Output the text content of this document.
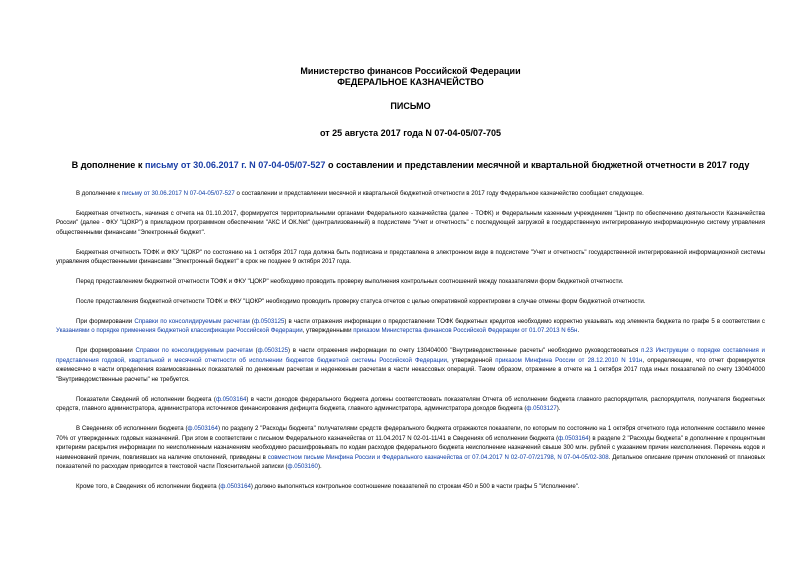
Министерство финансов Российской Федерации
ФЕДЕРАЛЬНОЕ КАЗНАЧЕЙСТВО
ПИСЬМО
от 25 августа 2017 года N 07-04-05/07-705
В дополнение к письму от 30.06.2017 г. N 07-04-05/07-527 о составлении и представлении месячной и квартальной бюджетной отчетности в 2017 году

В дополнение к письму от 30.06.2017 N 07-04-05/07-527 о составлении и представлении месячной и квартальной бюджетной отчетности в 2017 году Федеральное казначейство сообщает следующее.

Бюджетная отчетность, начиная с отчета на 01.10.2017, формируется территориальными органами Федерального казначейства (далее - ТОФК) и Федеральным казенным учреждением "Центр по обеспечению деятельности Казначейства России" (далее - ФКУ "ЦОКР") в прикладном программном обеспечении "АКС И ОК.Net" (централизованный) в подсистеме "Учет и отчетность" с последующей загрузкой в государственную интегрированную информационную систему управления общественными финансами "Электронный бюджет".

Бюджетная отчетность ТОФК и ФКУ "ЦОКР" по состоянию на 1 октября 2017 года должна быть подписана и представлена в электронном виде в подсистеме "Учет и отчетность" государственной интегрированной информационной системы управления общественными финансами "Электронный бюджет" в срок не позднее 9 октября 2017 года.

Перед представлением бюджетной отчетности ТОФК и ФКУ "ЦОКР" необходимо проводить проверку выполнения контрольных соотношений между показателями форм бюджетной отчетности.

После представления бюджетной отчетности ТОФК и ФКУ "ЦОКР" необходимо проводить проверку статуса отчетов с целью оперативной корректировки в случае отмены форм бюджетной отчетности.

При формировании Справки по консолидируемым расчетам (ф.0503125) в части отражения информации о предоставлении ТОФК бюджетных кредитов необходимо корректно указывать код элемента бюджета по графе 5 в соответствии с Указаниями о порядке применения бюджетной классификации Российской Федерации, утвержденными приказом Министерства финансов Российской Федерации от 01.07.2013 N 65н.

При формировании Справки по консолидируемым расчетам (ф.0503125) в части отражения информации по счету 130404000 "Внутриведомственные расчеты" необходимо руководствоваться п.23 Инструкции о порядке составления и представления годовой, квартальной и месячной отчетности об исполнении бюджетов бюджетной системы Российской Федерации, утвержденной приказом Минфина России от 28.12.2010 N 191н, определяющим, что отчет формируется ежемесячно в части определения взаимосвязанных показателей по денежным расчетам и неденежным расчетам в части некассовых операций. Таким образом, отражение в отчете на 1 октября 2017 года иных показателей по счету 130404000 "Внутриведомственные расчеты" не требуется.

Показатели Сведений об исполнении бюджета (ф.0503164) в части доходов федерального бюджета должны соответствовать показателям Отчета об исполнении бюджета главного распорядителя, распорядителя, получателя бюджетных средств, главного администратора, администратора источников финансирования дефицита бюджета, главного администратора, администратора доходов бюджета (ф.0503127).

В Сведениях об исполнении бюджета (ф.0503164) по разделу 2 "Расходы бюджета" получателями средств федерального бюджета отражаются показатели, по которым по состоянию на 1 октября отчетного года исполнение составило менее 70% от утвержденных годовых назначений. При этом в соответствии с письмом Федерального казначейства от 11.04.2017 N 02-01-11/41 в Сведениях об исполнении бюджета (ф.0503164) в разделе 2 "Расходы бюджета" в дополнение к процентным критериям раскрытия информации по неисполненным назначениям необходимо расшифровывать по кодам расходов федерального бюджета неисполнение назначений свыше 300 млн. рублей с указанием причин неисполнения. Перечень кодов и наименований причин, повлиявших на наличие отклонений, приведены в совместном письме Минфина России и Федерального казначейства от 07.04.2017 N 02-07-07/21798, N 07-04-05/02-308. Детальное описание причин отклонений от плановых показателей по расходам приводится в текстовой части Пояснительной записки (ф.0503160).

Кроме того, в Сведениях об исполнении бюджета (ф.0503164) должно выполняться контрольное соотношение показателей по строкам 450 и 500 в части графы 5 "Исполнение".
